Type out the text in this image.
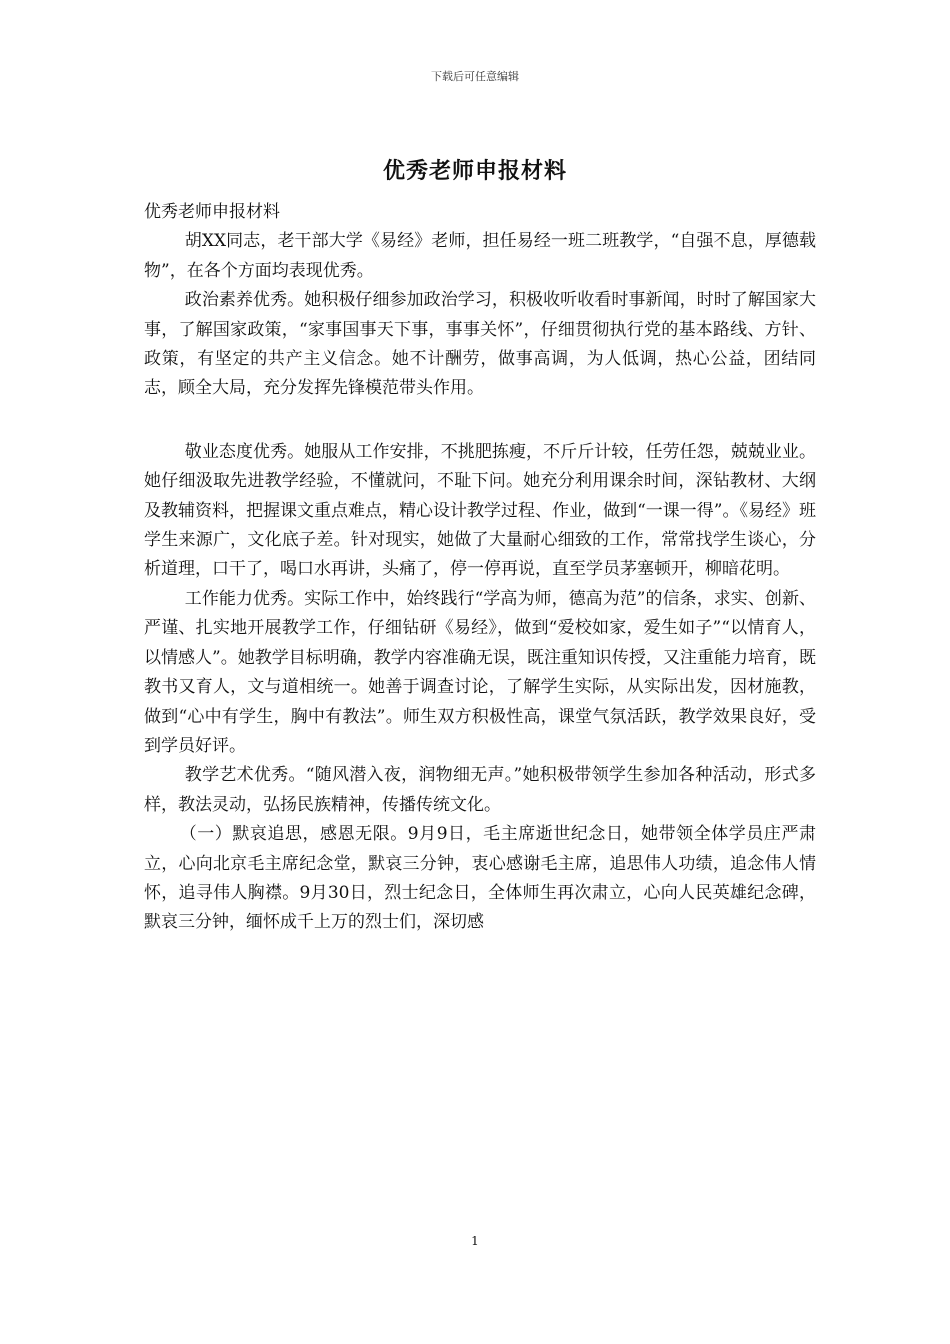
下载后可任意编辑
优秀老师申报材料

优秀老师申报材料

胡XX同志，老干部大学《易经》老师，担任易经一班二班教学，“自强不息，厚德载物”，在各个方面均表现优秀。

政治素养优秀。她积极仔细参加政治学习，积极收听收看时事新闻，时时了解国家大事，了解国家政策，“家事国事天下事，事事关怀”，仔细贯彻执行党的基本路线、方针、政策，有坚定的共产主义信念。她不计酬劳，做事高调，为人低调，热心公益，团结同志，顾全大局，充分发挥先锋模范带头作用。

敬业态度优秀。她服从工作安排，不挑肥拣瘦，不斤斤计较，任劳任怨，兢兢业业。她仔细汲取先进教学经验，不懂就问，不耻下问。她充分利用课余时间，深钻教材、大纲及教辅资料，把握课文重点难点，精心设计教学过程、作业，做到“一课一得”。《易经》班学生来源广，文化底子差。针对现实，她做了大量耐心细致的工作，常常找学生谈心，分析道理，口干了，喝口水再讲，头痛了，停一停再说，直至学员茅塞顿开，柳暗花明。

工作能力优秀。实际工作中，始终践行“学高为师，德高为范”的信条，求实、创新、严谨、扎实地开展教学工作，仔细钻研《易经》，做到“爱校如家，爱生如子”“以情育人，以情感人”。她教学目标明确，教学内容准确无误，既注重知识传授，又注重能力培育，既教书又育人，文与道相统一。她善于调查讨论，了解学生实际，从实际出发，因材施教，做到“心中有学生，胸中有教法”。师生双方积极性高，课堂气氛活跃，教学效果良好，受到学员好评。

教学艺术优秀。“随风潜入夜，润物细无声。”她积极带领学生参加各种活动，形式多样，教法灵动，弘扬民族精神，传播传统文化。

（一）默哀追思，感恩无限。9月9日，毛主席逝世纪念日，她带领全体学员庄严肃立，心向北京毛主席纪念堂，默哀三分钟，衷心感谢毛主席，追思伟人功绩，追念伟人情怀，追寻伟人胸襟。9月30日，烈士纪念日，全体师生再次肃立，心向人民英雄纪念碑，默哀三分钟，缅怀成千上万的烈士们，深切感

1
